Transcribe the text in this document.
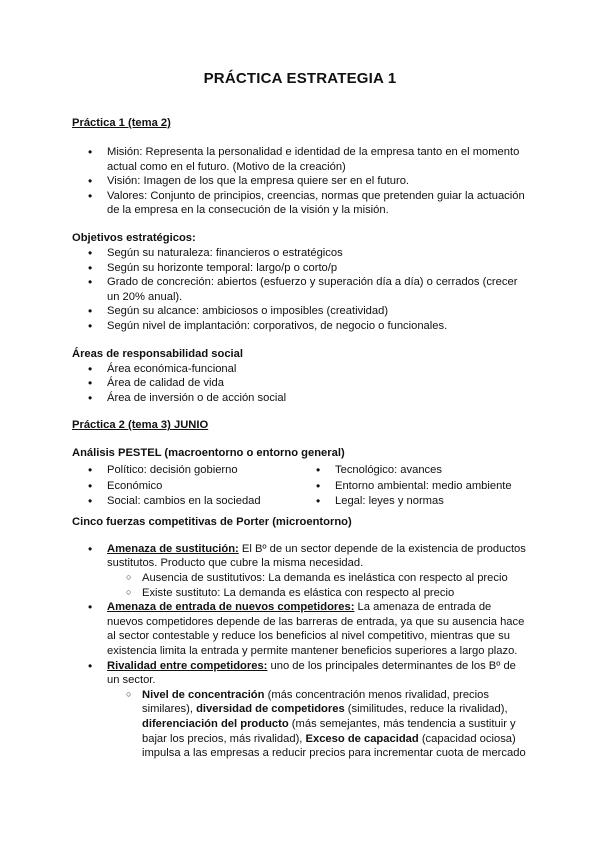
PRÁCTICA ESTRATEGIA 1
Práctica 1 (tema 2)
• Misión: Representa la personalidad e identidad de la empresa tanto en el momento actual como en el futuro. (Motivo de la creación)
• Visión: Imagen de los que la empresa quiere ser en el futuro.
• Valores: Conjunto de principios, creencias, normas que pretenden guiar la actuación de la empresa en la consecución de la visión y la misión.
Objetivos estratégicos:
• Según su naturaleza: financieros o estratégicos
• Según su horizonte temporal: largo/p o corto/p
• Grado de concreción: abiertos (esfuerzo y superación día a día) o cerrados (crecer un 20% anual).
• Según su alcance: ambiciosos o imposibles (creatividad)
• Según nivel de implantación: corporativos, de negocio o funcionales.
Áreas de responsabilidad social
• Área económica-funcional
• Área de calidad de vida
• Área de inversión o de acción social
Práctica 2 (tema 3) JUNIO
Análisis PESTEL (macroentorno o entorno general)
• Político: decisión gobierno
• Económico
• Social: cambios en la sociedad
• Tecnológico: avances
• Entorno ambiental: medio ambiente
• Legal: leyes y normas
Cinco fuerzas competitivas de Porter (microentorno)
• Amenaza de sustitución: El Bº de un sector depende de la existencia de productos sustitutos. Producto que cubre la misma necesidad.
○ Ausencia de sustitutivos: La demanda es inelástica con respecto al precio
○ Existe sustituto: La demanda es elástica con respecto al precio
• Amenaza de entrada de nuevos competidores: La amenaza de entrada de nuevos competidores depende de las barreras de entrada, ya que su ausencia hace al sector contestable y reduce los beneficios al nivel competitivo, mientras que su existencia limita la entrada y permite mantener beneficios superiores a largo plazo.
• Rivalidad entre competidores: uno de los principales determinantes de los Bº de un sector.
○ Nivel de concentración (más concentración menos rivalidad, precios similares), diversidad de competidores (similitudes, reduce la rivalidad), diferenciación del producto (más semejantes, más tendencia a sustituir y bajar los precios, más rivalidad), Exceso de capacidad (capacidad ociosa) impulsa a las empresas a reducir precios para incrementar cuota de mercado
